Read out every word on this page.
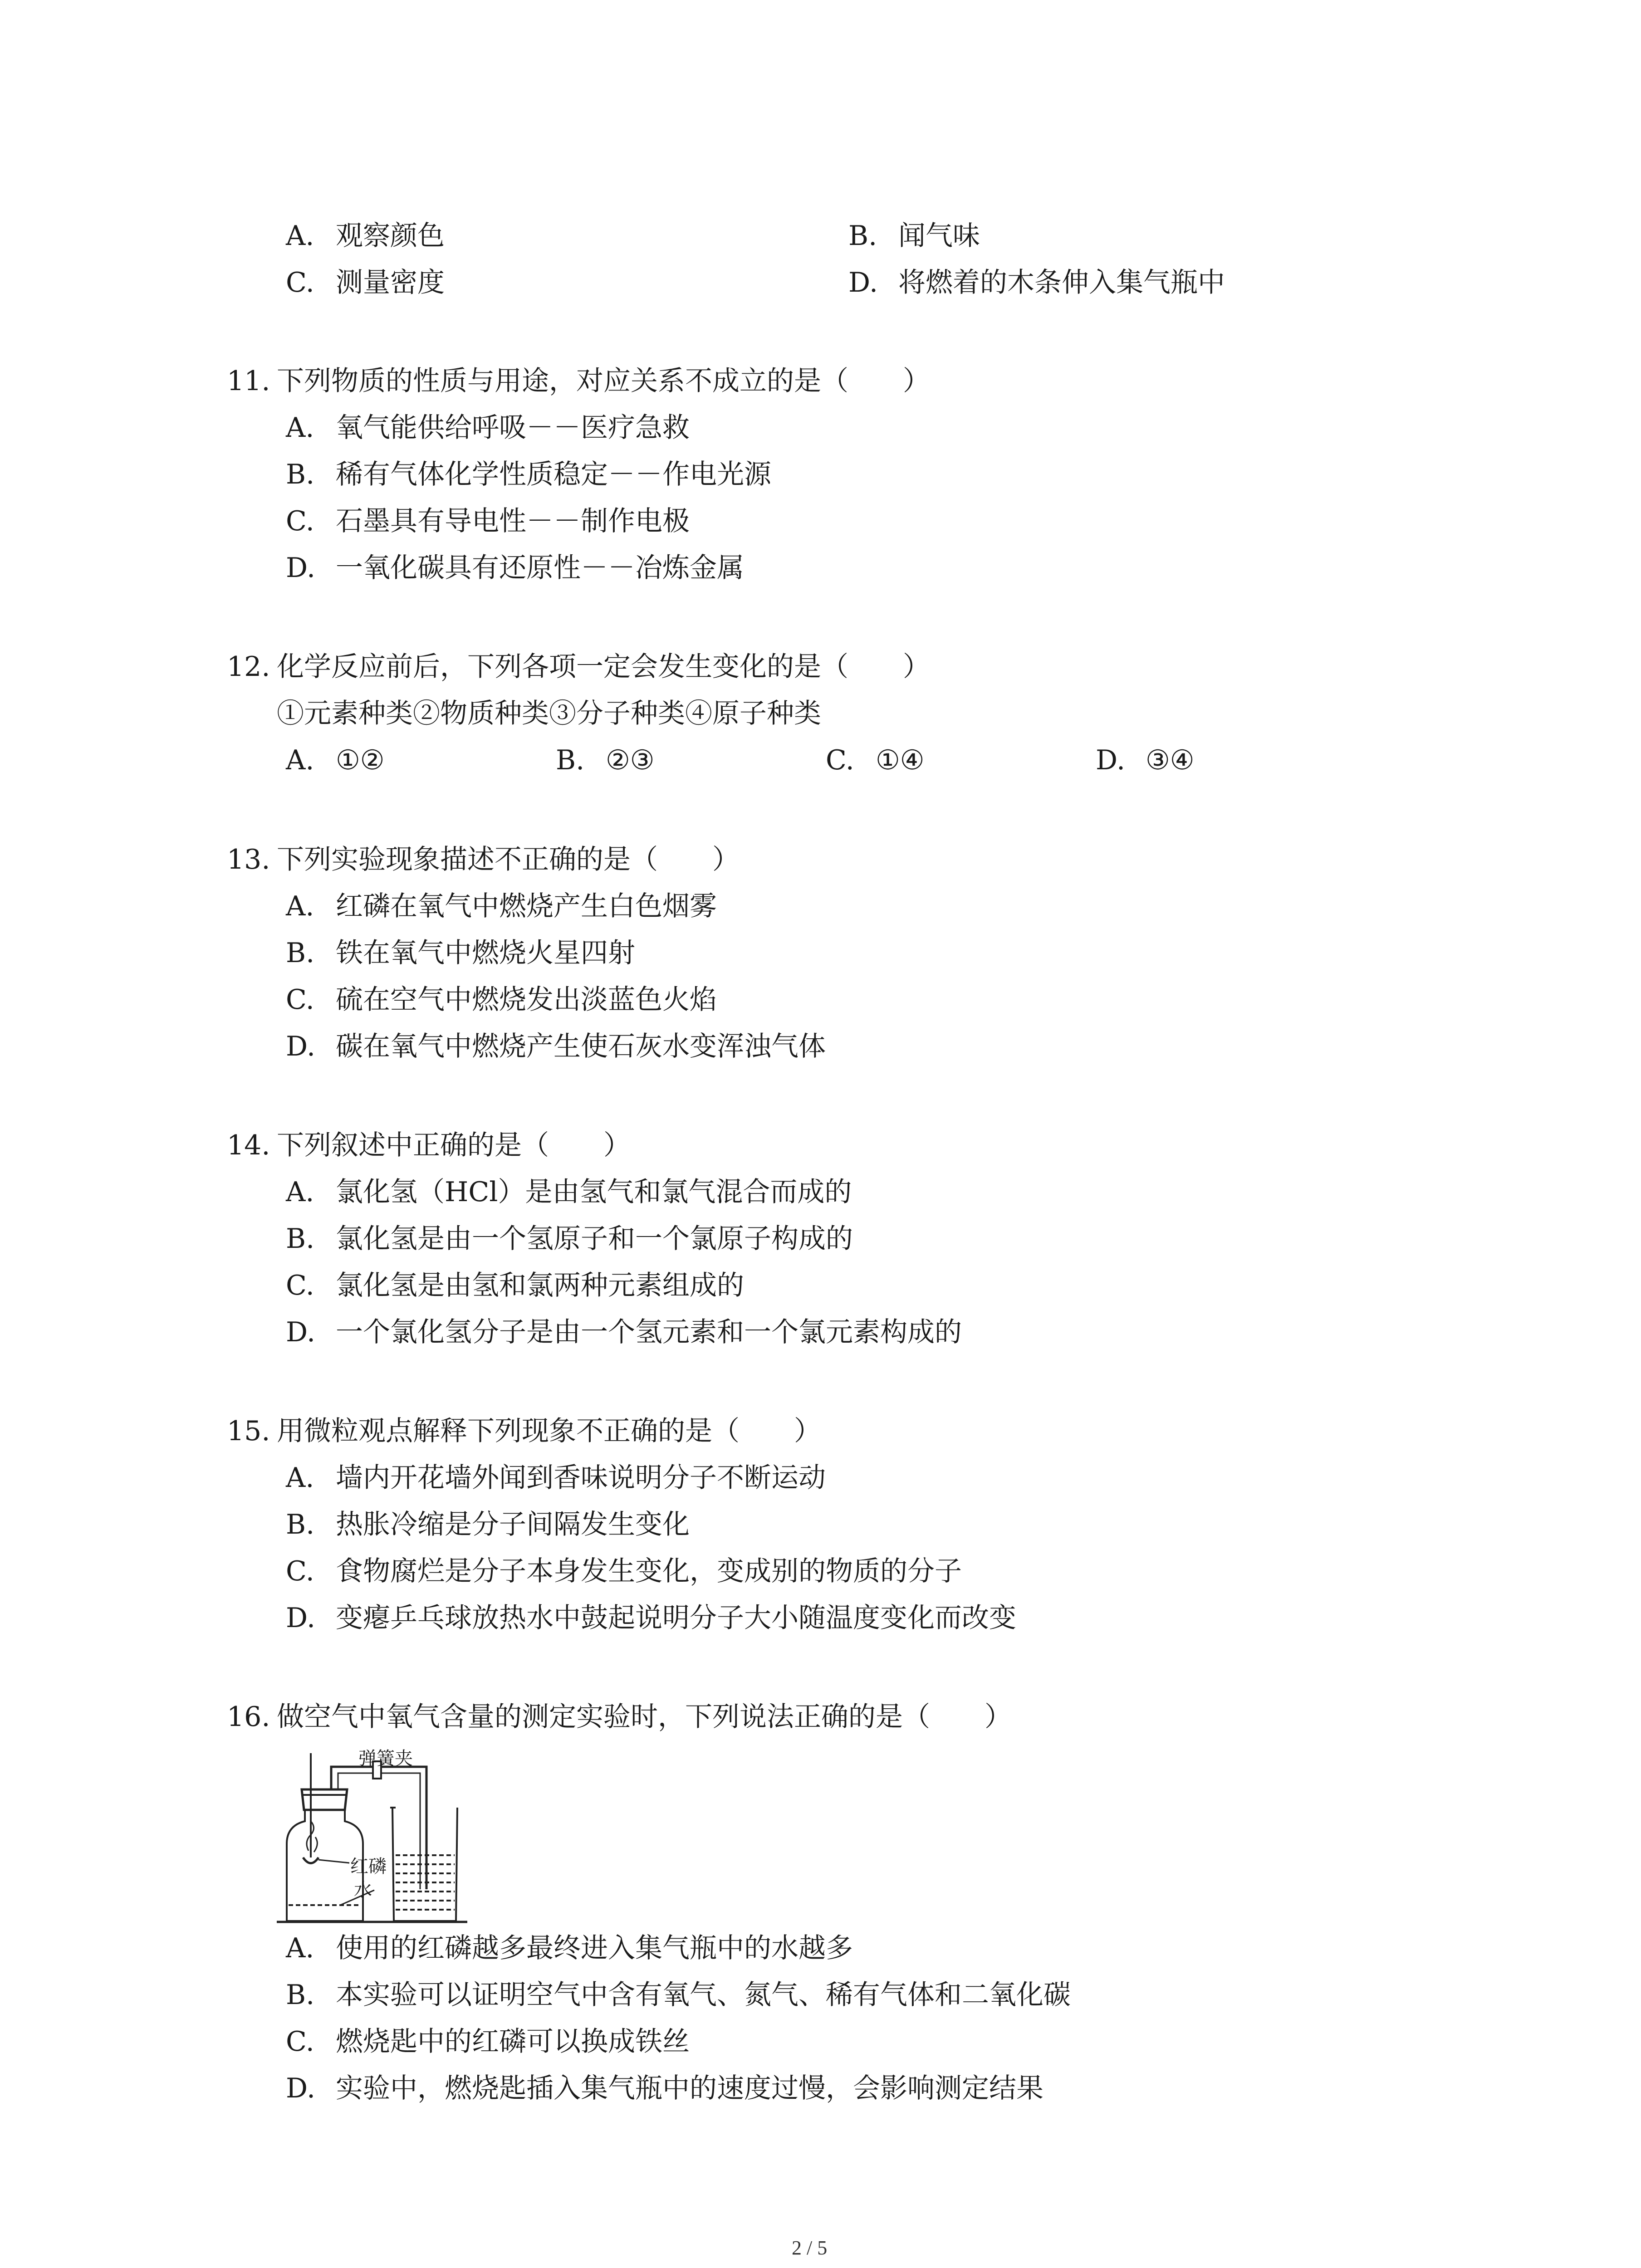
A. 观察颜色	B. 闻气味
C. 测量密度	D. 将燃着的木条伸入集气瓶中
11. 下列物质的性质与用途，对应关系不成立的是（　　）
A. 氧气能供给呼吸－－医疗急救
B. 稀有气体化学性质稳定－－作电光源
C. 石墨具有导电性－－制作电极
D. 一氧化碳具有还原性－－冶炼金属
12. 化学反应前后，下列各项一定会发生变化的是（　　）
①元素种类②物质种类③分子种类④原子种类
A. ①②	B. ②③	C. ①④	D. ③④
13. 下列实验现象描述不正确的是（　　）
A. 红磷在氧气中燃烧产生白色烟雾
B. 铁在氧气中燃烧火星四射
C. 硫在空气中燃烧发出淡蓝色火焰
D. 碳在氧气中燃烧产生使石灰水变浑浊气体
14. 下列叙述中正确的是（　　）
A. 氯化氢（HCl）是由氢气和氯气混合而成的
B. 氯化氢是由一个氢原子和一个氯原子构成的
C. 氯化氢是由氢和氯两种元素组成的
D. 一个氯化氢分子是由一个氢元素和一个氯元素构成的
15. 用微粒观点解释下列现象不正确的是（　　）
A. 墙内开花墙外闻到香味说明分子不断运动
B. 热胀冷缩是分子间隔发生变化
C. 食物腐烂是分子本身发生变化，变成别的物质的分子
D. 变瘪乒乓球放热水中鼓起说明分子大小随温度变化而改变
16. 做空气中氧气含量的测定实验时，下列说法正确的是（　　）
弹簧夹
红磷
水
A. 使用的红磷越多最终进入集气瓶中的水越多
B. 本实验可以证明空气中含有氧气、氮气、稀有气体和二氧化碳
C. 燃烧匙中的红磷可以换成铁丝
D. 实验中，燃烧匙插入集气瓶中的速度过慢，会影响测定结果
2 / 5
